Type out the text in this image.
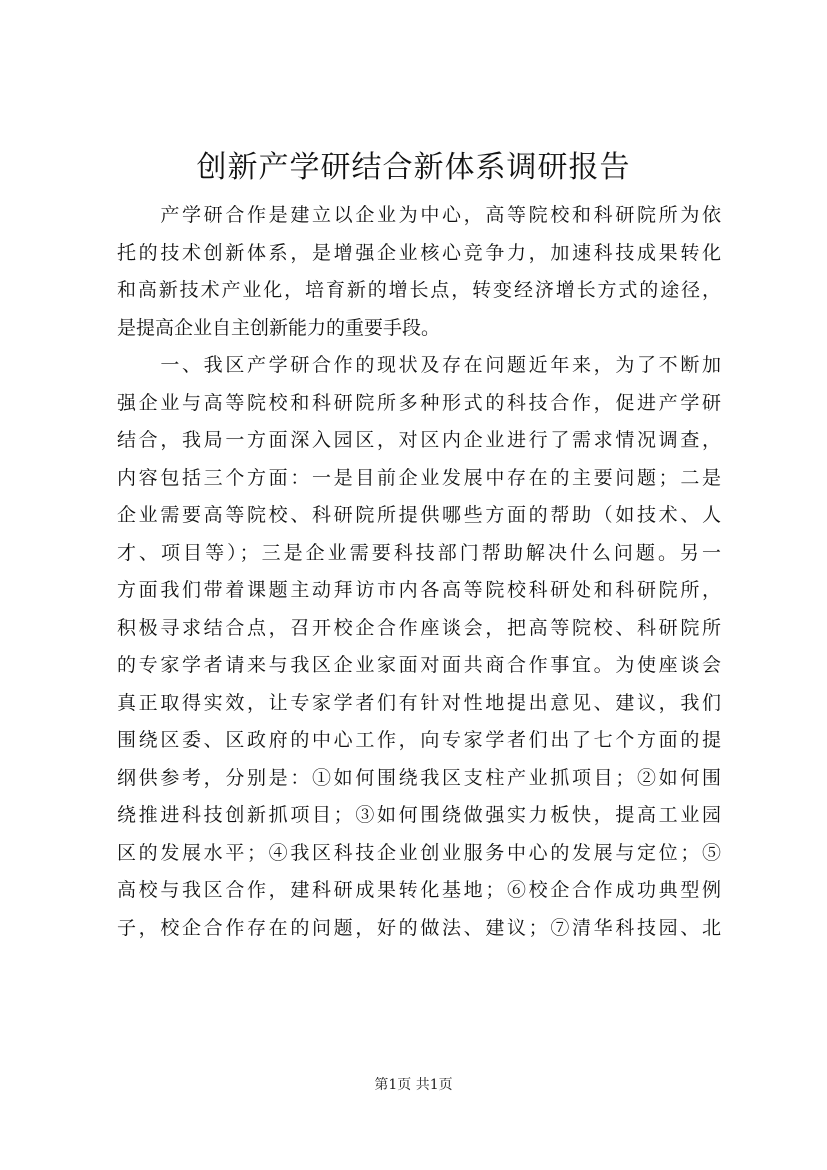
创新产学研结合新体系调研报告
　　产学研合作是建立以企业为中心，高等院校和科研院所为依
托的技术创新体系，是增强企业核心竞争力，加速科技成果转化
和高新技术产业化，培育新的增长点，转变经济增长方式的途径，
是提高企业自主创新能力的重要手段。
　　一、我区产学研合作的现状及存在问题近年来，为了不断加
强企业与高等院校和科研院所多种形式的科技合作，促进产学研
结合，我局一方面深入园区，对区内企业进行了需求情况调查，
内容包括三个方面：一是目前企业发展中存在的主要问题；二是
企业需要高等院校、科研院所提供哪些方面的帮助（如技术、人
才、项目等）；三是企业需要科技部门帮助解决什么问题。另一
方面我们带着课题主动拜访市内各高等院校科研处和科研院所，
积极寻求结合点，召开校企合作座谈会，把高等院校、科研院所
的专家学者请来与我区企业家面对面共商合作事宜。为使座谈会
真正取得实效，让专家学者们有针对性地提出意见、建议，我们
围绕区委、区政府的中心工作，向专家学者们出了七个方面的提
纲供参考，分别是：①如何围绕我区支柱产业抓项目；②如何围
绕推进科技创新抓项目；③如何围绕做强实力板快，提高工业园
区的发展水平；④我区科技企业创业服务中心的发展与定位；⑤
高校与我区合作，建科研成果转化基地；⑥校企合作成功典型例
子，校企合作存在的问题，好的做法、建议；⑦清华科技园、北
第1页 共1页
